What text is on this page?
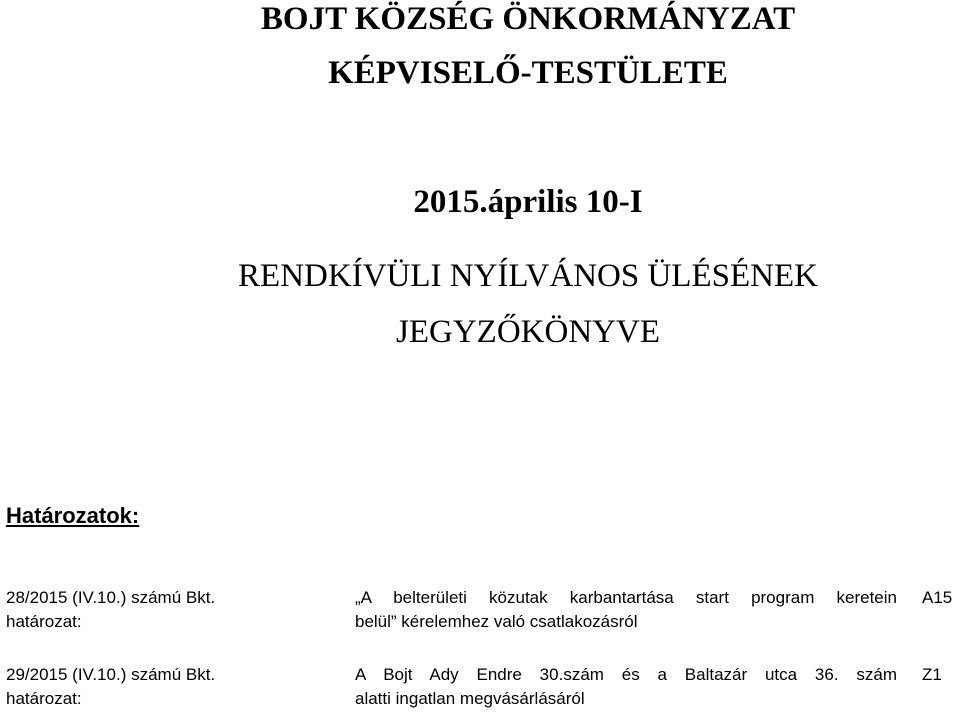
BOJT KÖZSÉG ÖNKORMÁNYZAT
KÉPVISELŐ-TESTÜLETE
2015.április 10-I
RENDKÍVÜLI NYÍLVÁNOS ÜLÉSÉNEK
JEGYZŐKÖNYVE
Határozatok:
28/2015 (IV.10.) számú Bkt.
határozat:
„A belterületi közutak karbantartása start program keretein
belül” kérelemhez való csatlakozásról
A15
29/2015 (IV.10.) számú Bkt.
határozat:
A Bojt Ady Endre 30.szám és a Baltazár utca 36. szám
alatti ingatlan megvásárlásáról
Z1
